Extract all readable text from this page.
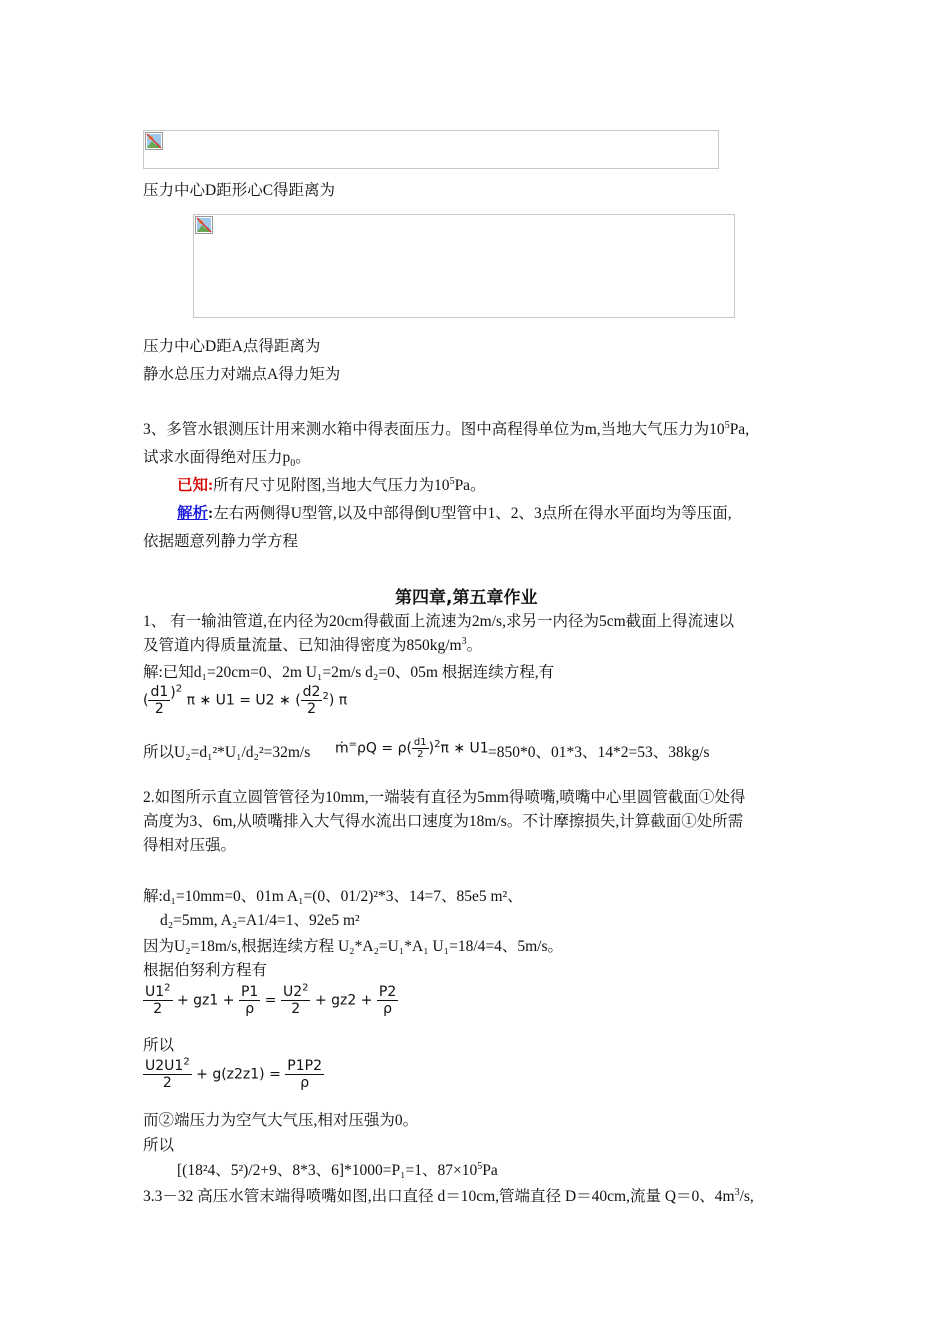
压力中心D距形心C得距离为
压力中心D距A点得距离为
静水总压力对端点A得力矩为
3、多管水银测压计用来测水箱中得表面压力。图中高程得单位为m,当地大气压力为$10^5Pa$,
试求水面得绝对压力$p_0$。
已知:所有尺寸见附图,当地大气压力为$10^5Pa$。
解析:左右两侧得U型管,以及中部得倒U型管中1、2、3点所在得水平面均为等压面,
依据题意列静力学方程
第四章,第五章作业
1、 有一输油管道,在内径为20cm得截面上流速为2m/s,求另一内径为5cm截面上得流速以
及管道内得质量流量、已知油得密度为$850kg/m^3$。
解:已知d₁=20cm=0、2m U₁=2m/s d₂=0、05m 根据连续方程,有
( $\frac{d1}{2} )^2$ π ∗ U1 = U2 ∗ ( $\frac{d2}{2} ^2$) π
所以U₂=d₁²*U₁/d₂²=32m/s ṁ=ρQ = $\rho( \frac{d1}{2} )^2\pi$ ∗ U1 =850*0、01*3、14*2=53、38kg/s
2.如图所示直立圆管管径为10mm,一端装有直径为5mm得喷嘴,喷嘴中心里圆管截面①处得
高度为3、6m,从喷嘴排入大气得水流出口速度为18m/s。不计摩擦损失,计算截面①处所需
得相对压强。
解:d₁=10mm=0、01m A₁=(0、01/2)²*3、14=7、85e5 m²、
d₂=5mm, A₂=A1/4=1、92e5 m²
因为U₂=18m/s,根据连续方程 U₂*A₂=U₁*A₁ U₁=18/4=4、5m/s。
根据伯努利方程有
$\frac{U1^2}{2} + gz1 + \frac{P1}{\rho} = \frac{U2^2}{2} + gz2 + \frac{P2}{\rho}$
所以
$\frac{U2U1^2}{2} + g(z2z1) = \frac{P1P2}{\rho}$
而②端压力为空气大气压,相对压强为0。
所以
[(18²4、5²)/2+9、8*3、6]*1000=P₁=1、$87\times 10^5Pa$
3.3－32 高压水管末端得喷嘴如图,出口直径 d＝10cm,管端直径 D＝40cm,流量 Q＝0、$4m^3/s$,
